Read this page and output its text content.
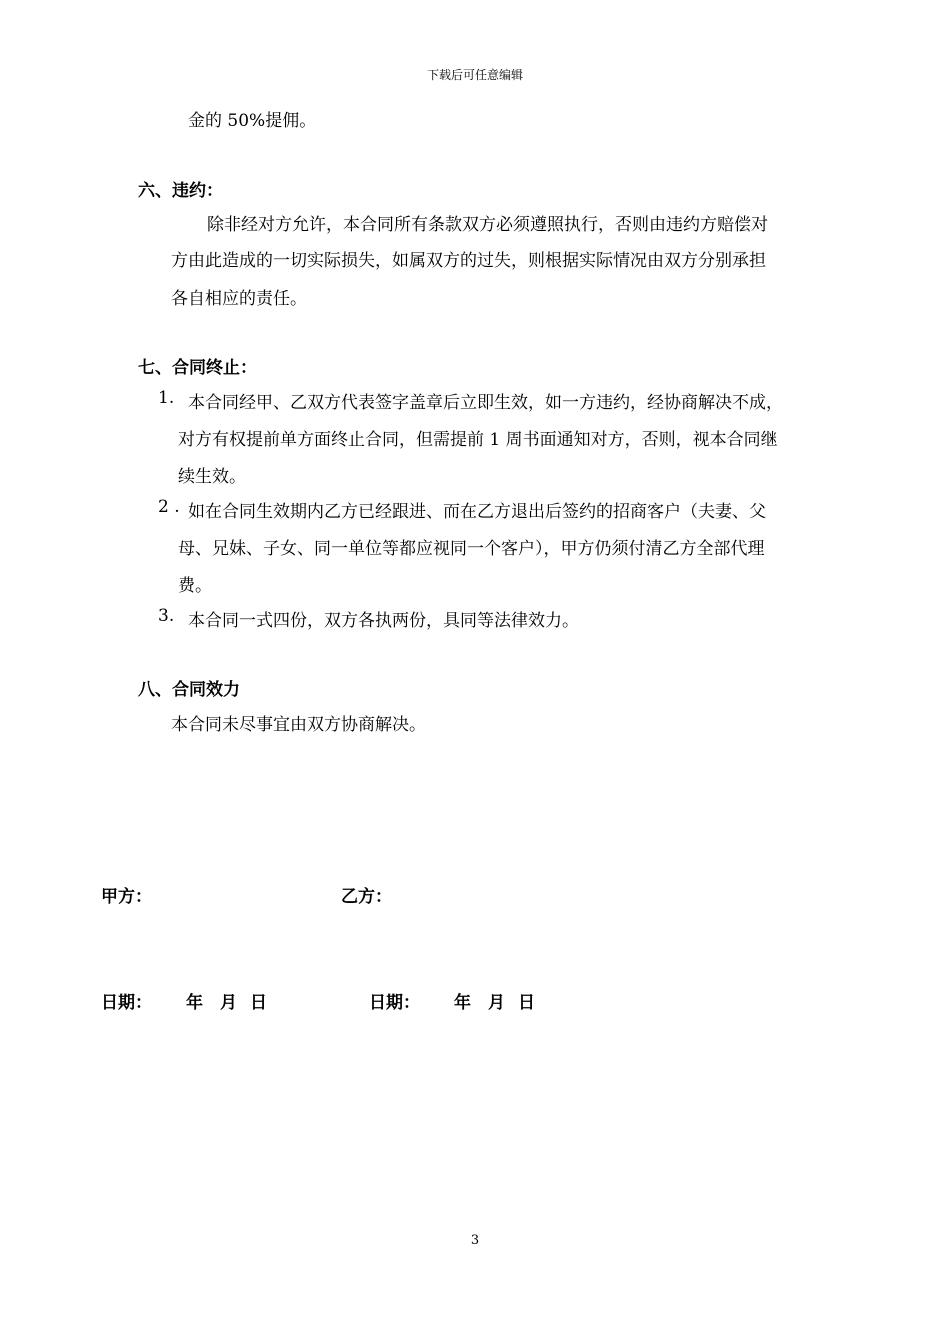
下载后可任意编辑
金的 50%提佣。
六、违约：
除非经对方允许，本合同所有条款双方必须遵照执行，否则由违约方赔偿对
方由此造成的一切实际损失，如属双方的过失，则根据实际情况由双方分别承担
各自相应的责任。
七、合同终止：
1. 本合同经甲、乙双方代表签字盖章后立即生效，如一方违约，经协商解决不成，
对方有权提前单方面终止合同，但需提前 1 周书面通知对方，否则，视本合同继
续生效。
2 . 如在合同生效期内乙方已经跟进、而在乙方退出后签约的招商客户（夫妻、父
母、兄妹、子女、同一单位等都应视同一个客户），甲方仍须付清乙方全部代理
费。
3. 本合同一式四份，双方各执两份，具同等法律效力。
八、合同效力
本合同未尽事宜由双方协商解决。
甲方：	乙方：
日期： 年 月 日	日期： 年 月 日
3
